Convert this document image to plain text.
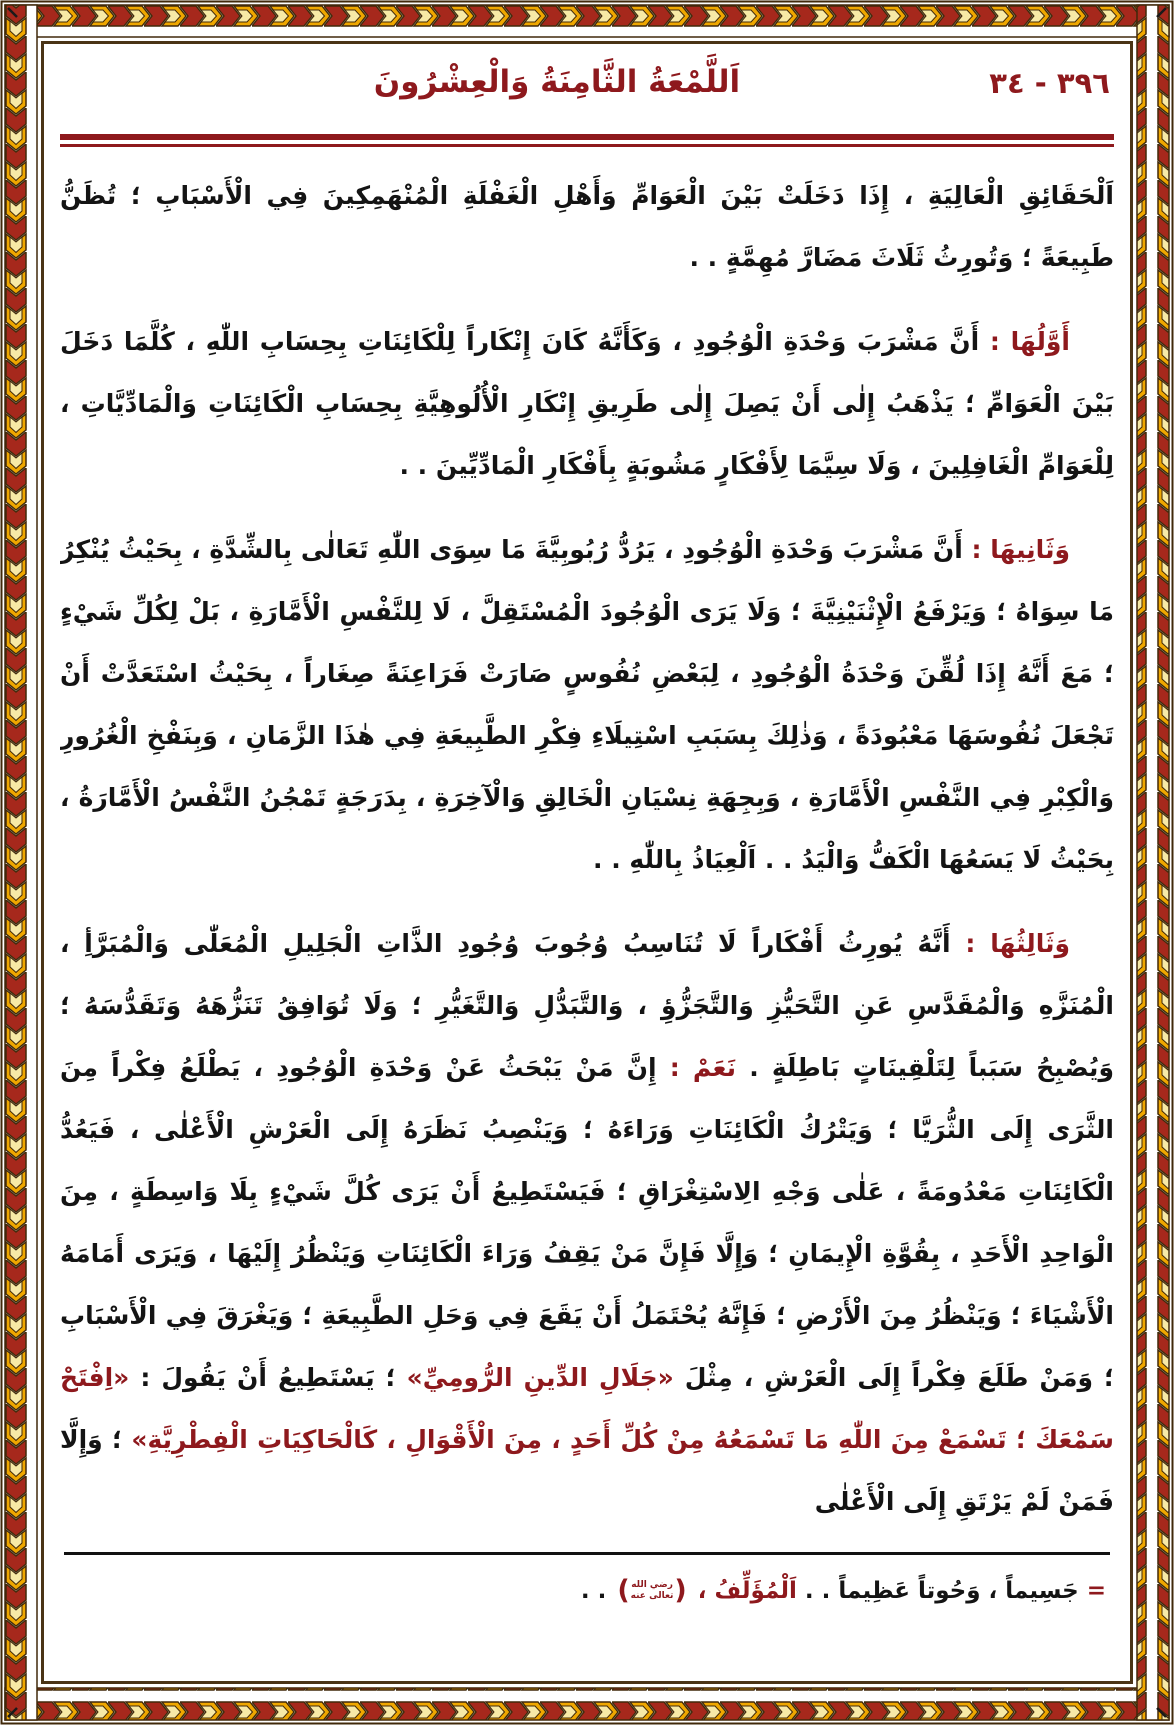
اَللَّمْعَةُ الثَّامِنَةُ وَالْعِشْرُونَ	٣٩٦ - ٣٤

اَلْحَقَائِقِ الْعَالِيَةِ ، إِذَا دَخَلَتْ بَيْنَ الْعَوَامِّ وَأَهْلِ الْغَفْلَةِ الْمُنْهَمِكِينَ فِي الْأَسْبَابِ ؛ تُظَنُّ طَبِيعَةً ؛ وَتُورِثُ ثَلَاثَ مَضَارَّ مُهِمَّةٍ . .

أَوَّلُهَا : أَنَّ مَشْرَبَ وَحْدَةِ الْوُجُودِ ، وَكَأَنَّهُ كَانَ إِنْكَاراً لِلْكَائِنَاتِ بِحِسَابِ اللّٰهِ ، كُلَّمَا دَخَلَ بَيْنَ الْعَوَامِّ ؛ يَذْهَبُ إِلٰى أَنْ يَصِلَ إِلٰى طَرِيقِ إِنْكَارِ الْأُلُوهِيَّةِ بِحِسَابِ الْكَائِنَاتِ وَالْمَادِّيَّاتِ ، لِلْعَوَامِّ الْغَافِلِينَ ، وَلَا سِيَّمَا لِأَفْكَارٍ مَشُوبَةٍ بِأَفْكَارِ الْمَادِّيِّينَ . .

وَثَانِيهَا : أَنَّ مَشْرَبَ وَحْدَةِ الْوُجُودِ ، يَرُدُّ رُبُوبِيَّةَ مَا سِوَى اللّٰهِ تَعَالٰى بِالشِّدَّةِ ، بِحَيْثُ يُنْكِرُ مَا سِوَاهُ ؛ وَيَرْفَعُ الْإِثْنَيْنِيَّةَ ؛ وَلَا يَرَى الْوُجُودَ الْمُسْتَقِلَّ ، لَا لِلنَّفْسِ الْأَمَّارَةِ ، بَلْ لِكُلِّ شَيْءٍ ؛ مَعَ أَنَّهُ إِذَا لُقِّنَ وَحْدَةُ الْوُجُودِ ، لِبَعْضِ نُفُوسٍ صَارَتْ فَرَاعِنَةً صِغَاراً ، بِحَيْثُ اسْتَعَدَّتْ أَنْ تَجْعَلَ نُفُوسَهَا مَعْبُودَةً ، وَذٰلِكَ بِسَبَبِ اسْتِيلَاءِ فِكْرِ الطَّبِيعَةِ فِي هٰذَا الزَّمَانِ ، وَبِنَفْخِ الْغُرُورِ وَالْكِبْرِ فِي النَّفْسِ الْأَمَّارَةِ ، وَبِجِهَةِ نِسْيَانِ الْخَالِقِ وَالْآخِرَةِ ، بِدَرَجَةٍ تَمْجُنُ النَّفْسُ الْأَمَّارَةُ ، بِحَيْثُ لَا يَسَعُهَا الْكَفُّ وَالْيَدُ . . اَلْعِيَاذُ بِاللّٰهِ . .

وَثَالِثُهَا : أَنَّهُ يُورِثُ أَفْكَاراً لَا تُنَاسِبُ وُجُوبَ وُجُودِ الذَّاتِ الْجَلِيلِ الْمُعَلّٰى وَالْمُبَرَّأِ ، الْمُنَزَّهِ وَالْمُقَدَّسِ عَنِ التَّحَيُّزِ وَالتَّجَزُّؤِ ، وَالتَّبَدُّلِ وَالتَّغَيُّرِ ؛ وَلَا تُوَافِقُ تَنَزُّهَهُ وَتَقَدُّسَهُ ؛ وَيُصْبِحُ سَبَباً لِتَلْقِينَاتٍ بَاطِلَةٍ . نَعَمْ : إِنَّ مَنْ يَبْحَثُ عَنْ وَحْدَةِ الْوُجُودِ ، يَطْلَعُ فِكْراً مِنَ الثَّرَى إِلَى الثُّرَيَّا ؛ وَيَتْرُكُ الْكَائِنَاتِ وَرَاءَهُ ؛ وَيَنْصِبُ نَظَرَهُ إِلَى الْعَرْشِ الْأَعْلٰى ، فَيَعُدُّ الْكَائِنَاتِ مَعْدُومَةً ، عَلٰى وَجْهِ الِاسْتِغْرَاقِ ؛ فَيَسْتَطِيعُ أَنْ يَرَى كُلَّ شَيْءٍ بِلَا وَاسِطَةٍ ، مِنَ الْوَاحِدِ الْأَحَدِ ، بِقُوَّةِ الْإِيمَانِ ؛ وَإِلَّا فَإِنَّ مَنْ يَقِفُ وَرَاءَ الْكَائِنَاتِ وَيَنْظُرُ إِلَيْهَا ، وَيَرَى أَمَامَهُ الْأَشْيَاءَ ؛ وَيَنْظُرُ مِنَ الْأَرْضِ ؛ فَإِنَّهُ يُحْتَمَلُ أَنْ يَقَعَ فِي وَحَلِ الطَّبِيعَةِ ؛ وَيَغْرَقَ فِي الْأَسْبَابِ ؛ وَمَنْ طَلَعَ فِكْراً إِلَى الْعَرْشِ ، مِثْلَ «جَلَالِ الدِّينِ الرُّومِيِّ» ؛ يَسْتَطِيعُ أَنْ يَقُولَ : «اِفْتَحْ سَمْعَكَ ؛ تَسْمَعْ مِنَ اللّٰهِ مَا تَسْمَعُهُ مِنْ كُلِّ أَحَدٍ ، مِنَ الْأَقْوَالِ ، كَالْحَاكِيَاتِ الْفِطْرِيَّةِ» ؛ وَإِلَّا فَمَنْ لَمْ يَرْتَقِ إِلَى الْأَعْلٰى

= جَسِيماً ، وَحُوتاً عَظِيماً . . اَلْمُؤَلِّفُ ،
( رضي الله
تعالى عنه )
. .
